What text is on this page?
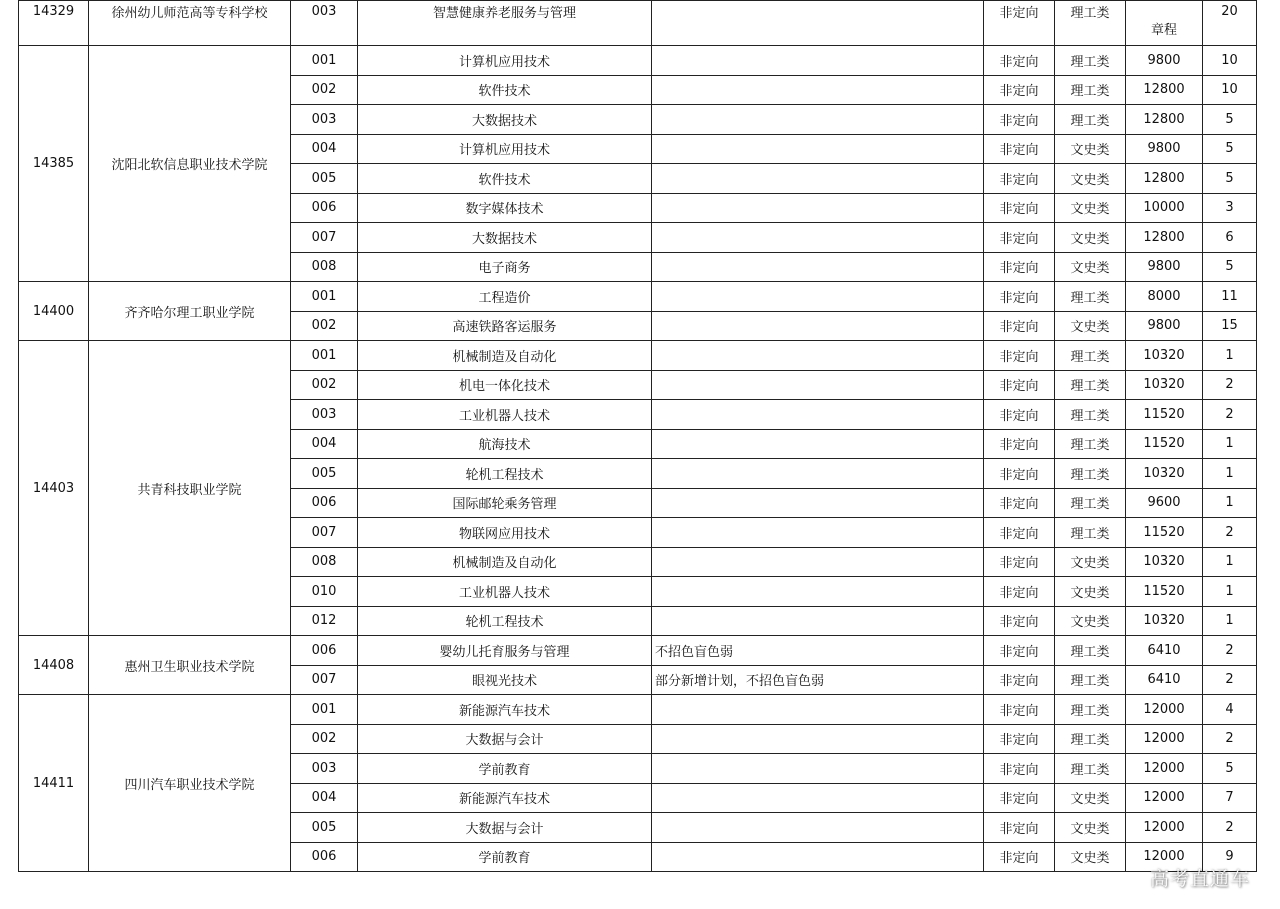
14329	徐州幼儿师范高等专科学校	003	智慧健康养老服务与管理		非定向	理工类	章程	20

14385	沈阳北软信息职业技术学院	001	计算机应用技术		非定向	理工类	9800	10
		002	软件技术		非定向	理工类	12800	10
		003	大数据技术		非定向	理工类	12800	5
		004	计算机应用技术		非定向	文史类	9800	5
		005	软件技术		非定向	文史类	12800	5
		006	数字媒体技术		非定向	文史类	10000	3
		007	大数据技术		非定向	文史类	12800	6
		008	电子商务		非定向	文史类	9800	5
14400	齐齐哈尔理工职业学院	001	工程造价		非定向	理工类	8000	11
		002	高速铁路客运服务		非定向	文史类	9800	15
14403	共青科技职业学院	001	机械制造及自动化		非定向	理工类	10320	1
		002	机电一体化技术		非定向	理工类	10320	2
		003	工业机器人技术		非定向	理工类	11520	2
		004	航海技术		非定向	理工类	11520	1
		005	轮机工程技术		非定向	理工类	10320	1
		006	国际邮轮乘务管理		非定向	理工类	9600	1
		007	物联网应用技术		非定向	理工类	11520	2
		008	机械制造及自动化		非定向	文史类	10320	1
		010	工业机器人技术		非定向	文史类	11520	1
		012	轮机工程技术		非定向	文史类	10320	1
14408	惠州卫生职业技术学院	006	婴幼儿托育服务与管理	不招色盲色弱	非定向	理工类	6410	2
		007	眼视光技术	部分新增计划，不招色盲色弱	非定向	理工类	6410	2
14411	四川汽车职业技术学院	001	新能源汽车技术		非定向	理工类	12000	4
		002	大数据与会计		非定向	理工类	12000	2
		003	学前教育		非定向	理工类	12000	5
		004	新能源汽车技术		非定向	文史类	12000	7
		005	大数据与会计		非定向	文史类	12000	2
		006	学前教育		非定向	文史类	12000	9
高考直通车
